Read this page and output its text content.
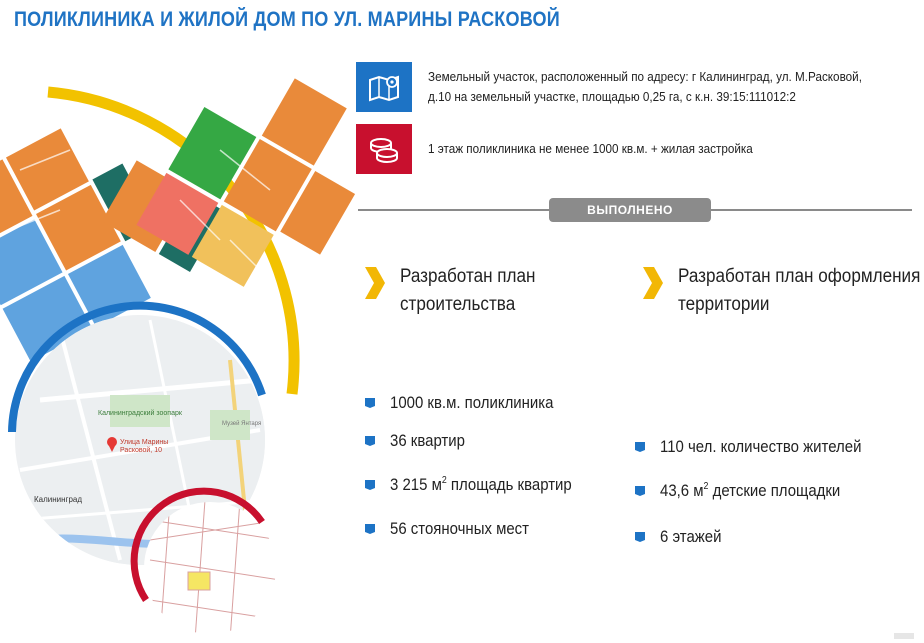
ПОЛИКЛИНИКА И ЖИЛОЙ ДОМ ПО УЛ. МАРИНЫ РАСКОВОЙ
Калининградский зоопарк
Улица Марины
Расковой, 10
Калининград
Музей Янтаря
Земельный участок, расположенный по адресу: г Калининград, ул. М.Расковой,
д.10 на земельный участке, площадью 0,25 га, с к.н. 39:15:111012:2
1 этаж поликлиника не менее 1000 кв.м. + жилая застройка
ВЫПОЛНЕНО
Разработан план
строительства
Разработан план оформления
территории
1000 кв.м. поликлиника
36 квартир
3 215 $м^2$ площадь квартир
56 стояночных мест
110 чел. количество жителей
43,6 $м^2$ детские площадки
6 этажей
